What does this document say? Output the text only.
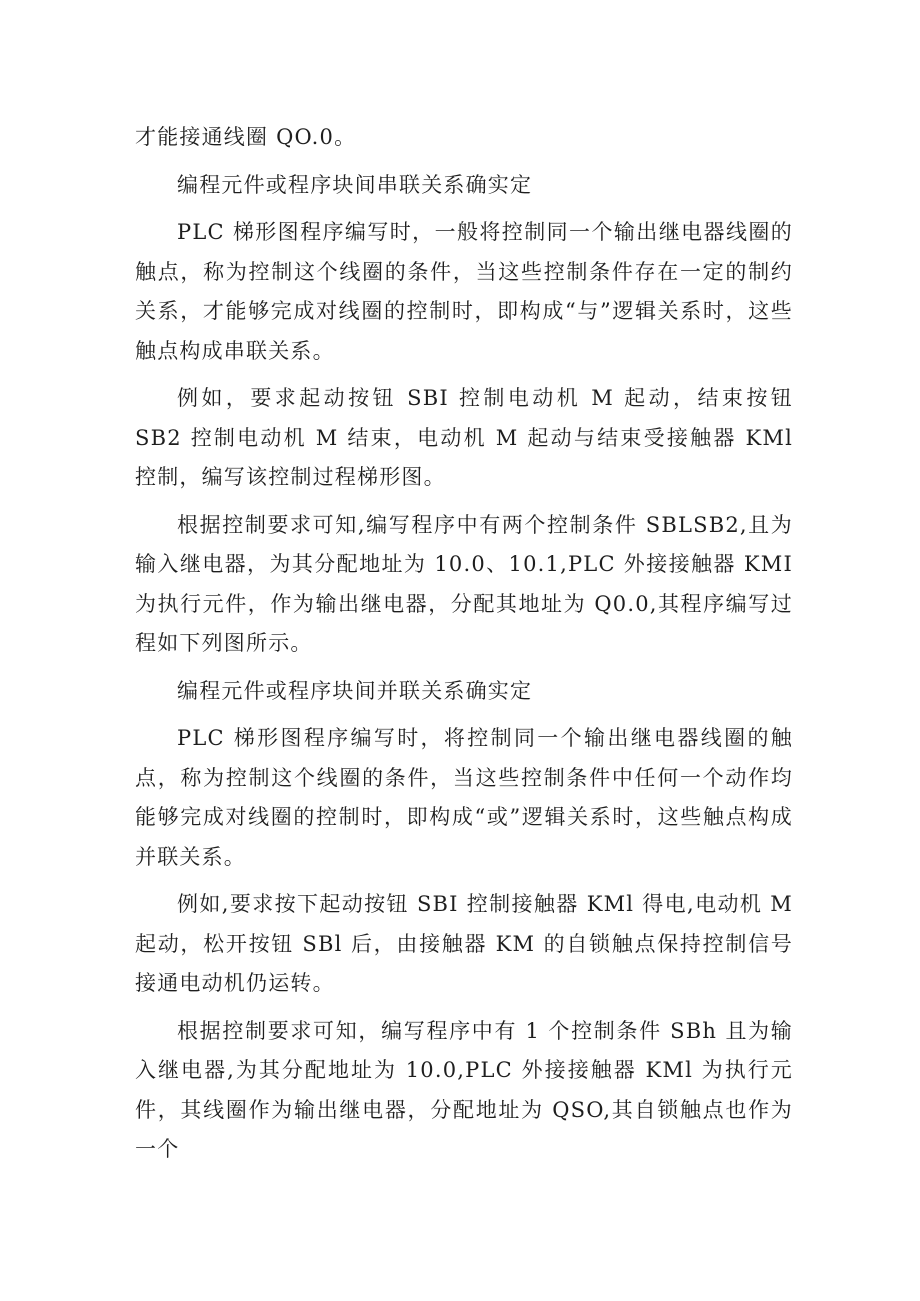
才能接通线圈 QO.0。

编程元件或程序块间串联关系确实定

PLC 梯形图程序编写时，一般将控制同一个输出继电器线圈的触点，称为控制这个线圈的条件，当这些控制条件存在一定的制约关系，才能够完成对线圈的控制时，即构成“与”逻辑关系时，这些触点构成串联关系。

例如，要求起动按钮 SBI 控制电动机 M 起动，结束按钮 SB2 控制电动机 M 结束，电动机 M 起动与结束受接触器 KMl 控制，编写该控制过程梯形图。

根据控制要求可知,编写程序中有两个控制条件 SBLSB2,且为输入继电器，为其分配地址为 10.0、10.1,PLC 外接接触器 KMI 为执行元件，作为输出继电器，分配其地址为 Q0.0,其程序编写过程如下列图所示。

编程元件或程序块间并联关系确实定

PLC 梯形图程序编写时，将控制同一个输出继电器线圈的触点，称为控制这个线圈的条件，当这些控制条件中任何一个动作均能够完成对线圈的控制时，即构成“或”逻辑关系时，这些触点构成并联关系。

例如,要求按下起动按钮 SBI 控制接触器 KMl 得电,电动机 M 起动，松开按钮 SBl 后，由接触器 KM 的自锁触点保持控制信号接通电动机仍运转。

根据控制要求可知，编写程序中有 1 个控制条件 SBh 且为输入继电器,为其分配地址为 10.0,PLC 外接接触器 KMl 为执行元件，其线圈作为输出继电器，分配地址为 QSO,其自锁触点也作为一个
